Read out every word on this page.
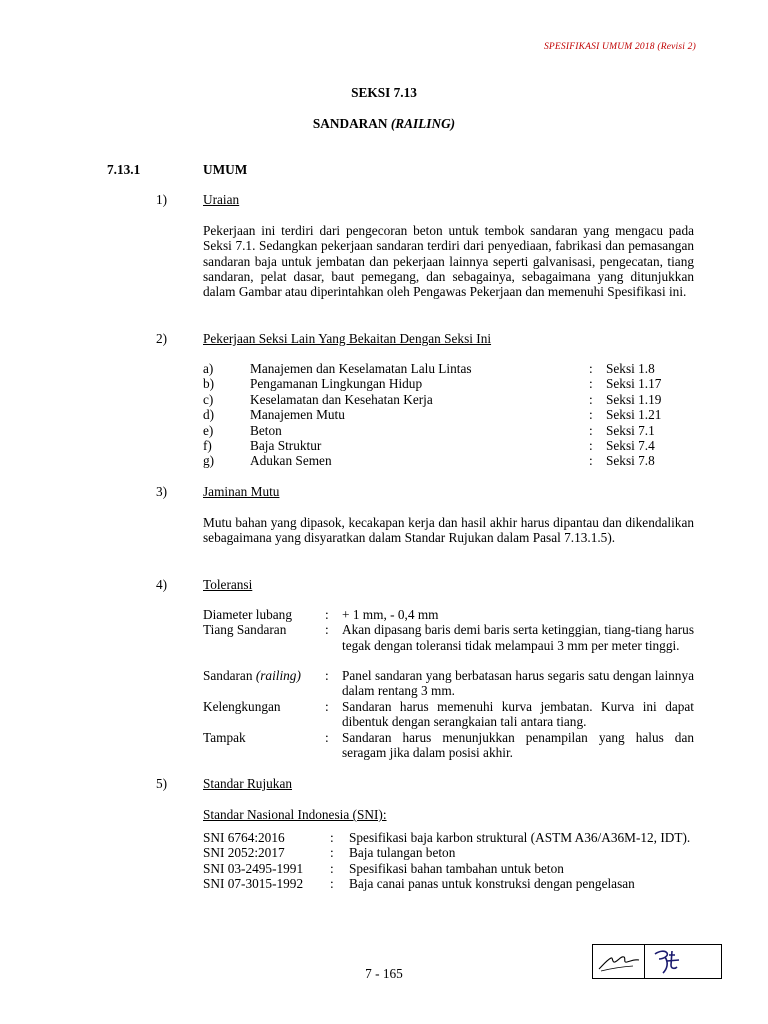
SPESIFIKASI UMUM 2018 (Revisi 2)
SEKSI 7.13
SANDARAN (RAILING)
7.13.1	UMUM
1)	Uraian
Pekerjaan ini terdiri dari pengecoran beton untuk tembok sandaran yang mengacu pada Seksi 7.1. Sedangkan pekerjaan sandaran terdiri dari penyediaan, fabrikasi dan pemasangan sandaran baja untuk jembatan dan pekerjaan lainnya seperti galvanisasi, pengecatan, tiang sandaran, pelat dasar, baut pemegang, dan sebagainya, sebagaimana yang ditunjukkan dalam Gambar atau diperintahkan oleh Pengawas Pekerjaan dan memenuhi Spesifikasi ini.
2)	Pekerjaan Seksi Lain Yang Bekaitan Dengan Seksi Ini
a)	Manajemen dan Keselamatan Lalu Lintas	: Seksi 1.8
b)	Pengamanan Lingkungan Hidup	: Seksi 1.17
c)	Keselamatan dan Kesehatan Kerja	: Seksi 1.19
d)	Manajemen Mutu	: Seksi 1.21
e)	Beton	: Seksi 7.1
f)	Baja Struktur	: Seksi 7.4
g)	Adukan Semen	: Seksi 7.8
3)	Jaminan Mutu
Mutu bahan yang dipasok, kecakapan kerja dan hasil akhir harus dipantau dan dikendalikan sebagaimana yang disyaratkan dalam Standar Rujukan dalam Pasal 7.13.1.5).
4)	Toleransi
Diameter lubang : + 1 mm, - 0,4 mm
Tiang Sandaran	: Akan dipasang baris demi baris serta ketinggian, tiang-tiang harus tegak dengan toleransi tidak melampaui 3 mm per meter tinggi.
Sandaran (railing) : Panel sandaran yang berbatasan harus segaris satu dengan lainnya dalam rentang 3 mm.
Kelengkungan	: Sandaran harus memenuhi kurva jembatan. Kurva ini dapat dibentuk dengan serangkaian tali antara tiang.
Tampak	: Sandaran harus menunjukkan penampilan yang halus dan seragam jika dalam posisi akhir.
5)	Standar Rujukan
Standar Nasional Indonesia (SNI):
SNI 6764:2016	: Spesifikasi baja karbon struktural (ASTM A36/A36M-12, IDT).
SNI 2052:2017	: Baja tulangan beton
SNI 03-2495-1991 : Spesifikasi bahan tambahan untuk beton
SNI 07-3015-1992 : Baja canai panas untuk konstruksi dengan pengelasan
7 - 165
